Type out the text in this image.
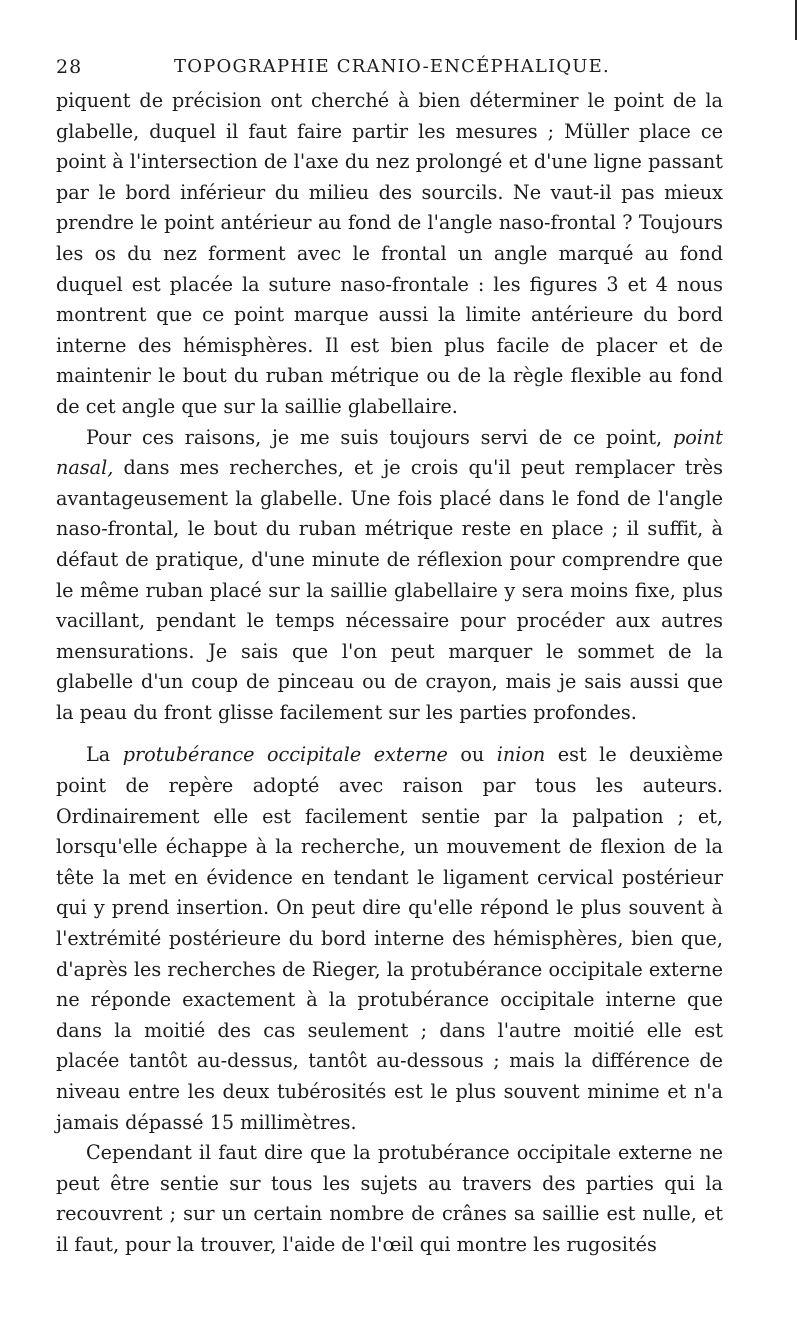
28	TOPOGRAPHIE CRANIO-ENCÉPHALIQUE.

piquent de précision ont cherché à bien déterminer le point de la glabelle, duquel il faut faire partir les mesures ; Müller place ce point à l'intersection de l'axe du nez prolongé et d'une ligne passant par le bord inférieur du milieu des sourcils. Ne vaut-il pas mieux prendre le point antérieur au fond de l'angle naso-frontal ? Toujours les os du nez forment avec le frontal un angle marqué au fond duquel est placée la suture naso-frontale : les figures 3 et 4 nous montrent que ce point marque aussi la limite antérieure du bord interne des hémisphères. Il est bien plus facile de placer et de maintenir le bout du ruban métrique ou de la règle flexible au fond de cet angle que sur la saillie glabellaire.

Pour ces raisons, je me suis toujours servi de ce point, point nasal, dans mes recherches, et je crois qu'il peut remplacer très avantageusement la glabelle. Une fois placé dans le fond de l'angle naso-frontal, le bout du ruban métrique reste en place ; il suffit, à défaut de pratique, d'une minute de réflexion pour comprendre que le même ruban placé sur la saillie glabellaire y sera moins fixe, plus vacillant, pendant le temps nécessaire pour procéder aux autres mensurations. Je sais que l'on peut marquer le sommet de la glabelle d'un coup de pinceau ou de crayon, mais je sais aussi que la peau du front glisse facilement sur les parties profondes.

La protubérance occipitale externe ou inion est le deuxième point de repère adopté avec raison par tous les auteurs. Ordinairement elle est facilement sentie par la palpation ; et, lorsqu'elle échappe à la recherche, un mouvement de flexion de la tête la met en évidence en tendant le ligament cervical postérieur qui y prend insertion. On peut dire qu'elle répond le plus souvent à l'extrémité postérieure du bord interne des hémisphères, bien que, d'après les recherches de Rieger, la protubérance occipitale externe ne réponde exactement à la protubérance occipitale interne que dans la moitié des cas seulement ; dans l'autre moitié elle est placée tantôt au-dessus, tantôt au-dessous ; mais la différence de niveau entre les deux tubérosités est le plus souvent minime et n'a jamais dépassé 15 millimètres.

Cependant il faut dire que la protubérance occipitale externe ne peut être sentie sur tous les sujets au travers des parties qui la recouvrent ; sur un certain nombre de crânes sa saillie est nulle, et il faut, pour la trouver, l'aide de l'œil qui montre les rugosités
